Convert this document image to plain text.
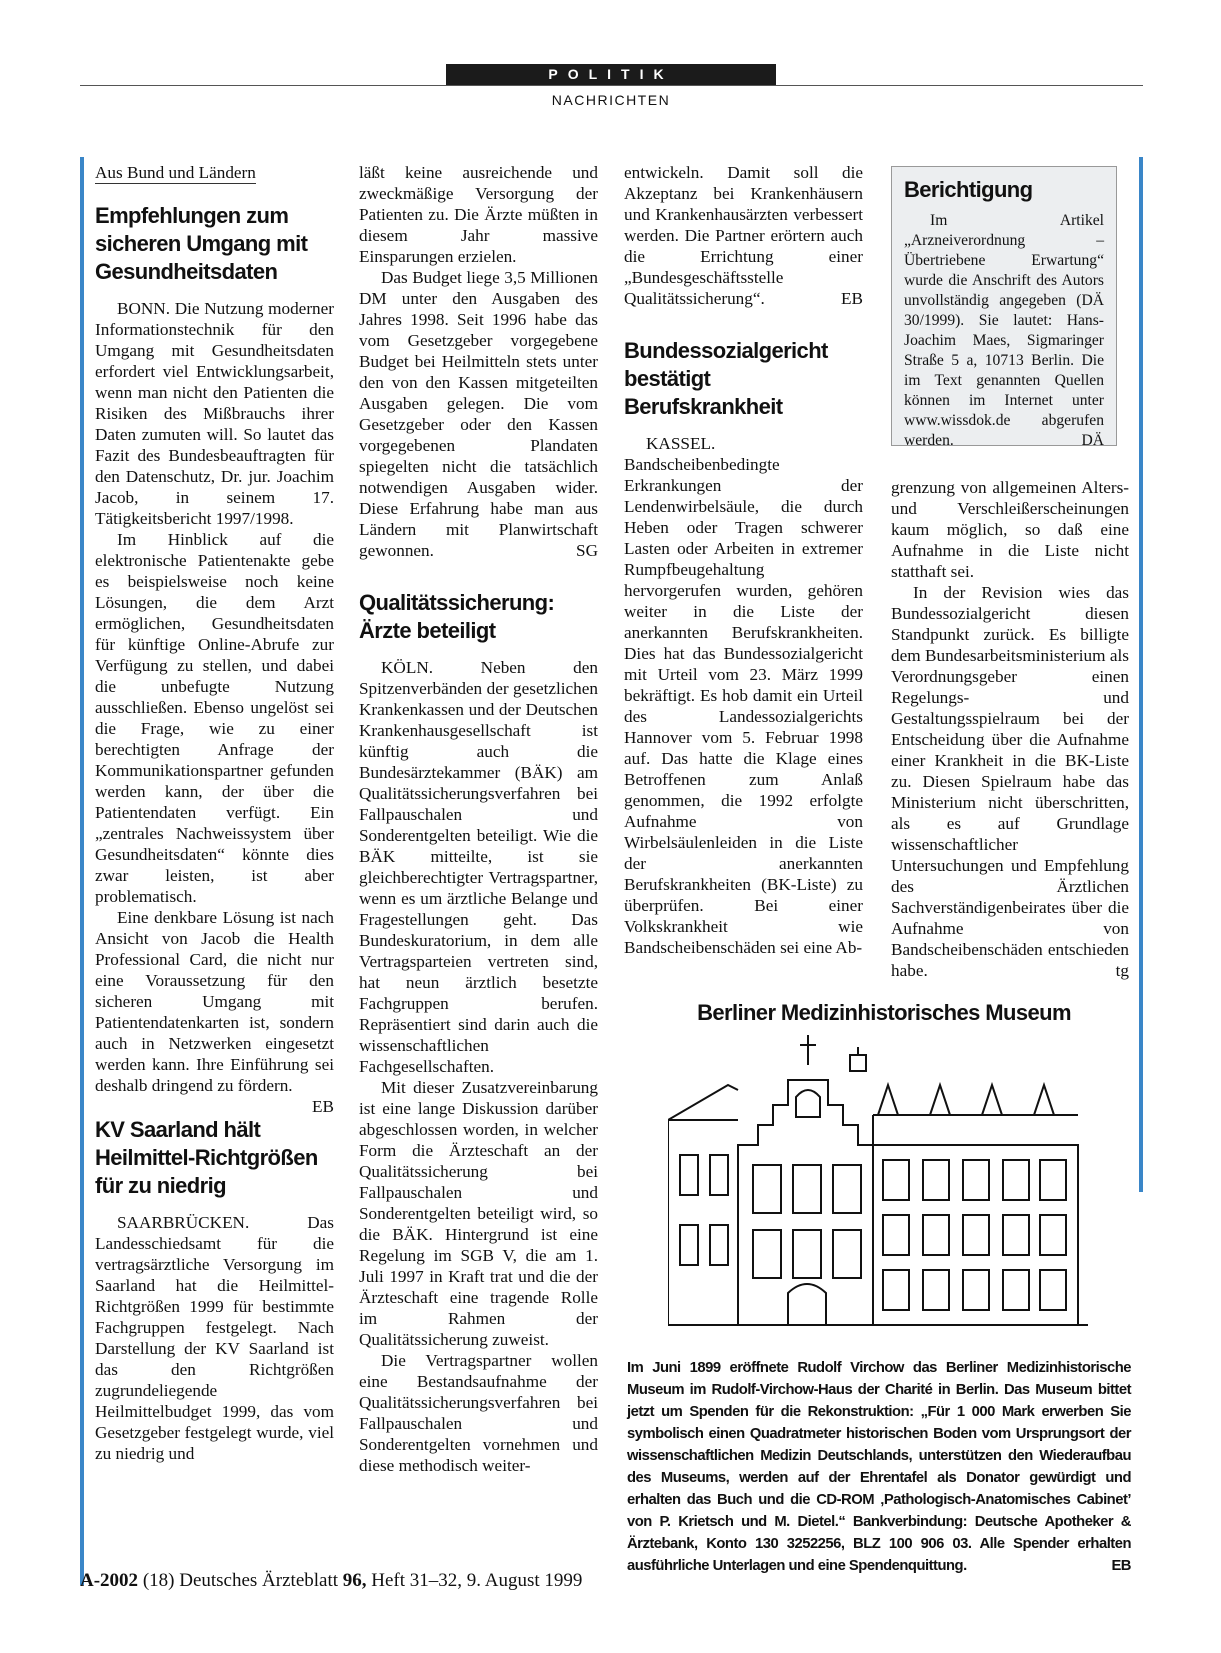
POLITIK
NACHRICHTEN
Aus Bund und Ländern
Empfehlungen zum sicheren Umgang mit Gesundheitsdaten

BONN. Die Nutzung moderner Informationstechnik für den Umgang mit Gesundheitsdaten erfordert viel Entwicklungsarbeit, wenn man nicht den Patienten die Risiken des Mißbrauchs ihrer Daten zumuten will. So lautet das Fazit des Bundesbeauftragten für den Datenschutz, Dr. jur. Joachim Jacob, in seinem 17. Tätigkeitsbericht 1997/1998.

Im Hinblick auf die elektronische Patientenakte gebe es beispielsweise noch keine Lösungen, die dem Arzt ermöglichen, Gesundheitsdaten für künftige Online-Abrufe zur Verfügung zu stellen, und dabei die unbefugte Nutzung ausschließen. Ebenso ungelöst sei die Frage, wie zu einer berechtigten Anfrage der Kommunikationspartner gefunden werden kann, der über die Patientendaten verfügt. Ein „zentrales Nachweissystem über Gesundheitsdaten“ könnte dies zwar leisten, ist aber problematisch.

Eine denkbare Lösung ist nach Ansicht von Jacob die Health Professional Card, die nicht nur eine Voraussetzung für den sicheren Umgang mit Patientendatenkarten ist, sondern auch in Netzwerken eingesetzt werden kann. Ihre Einführung sei deshalb dringend zu fördern.
EB

KV Saarland hält Heilmittel-Richtgrößen für zu niedrig

SAARBRÜCKEN. Das Landesschiedsamt für die vertragsärztliche Versorgung im Saarland hat die Heilmittel-Richtgrößen 1999 für bestimmte Fachgruppen festgelegt. Nach Darstellung der KV Saarland ist das den Richtgrößen zugrundeliegende Heilmittelbudget 1999, das vom Gesetzgeber festgelegt wurde, viel zu niedrig und

läßt keine ausreichende und zweckmäßige Versorgung der Patienten zu. Die Ärzte müßten in diesem Jahr massive Einsparungen erzielen.

Das Budget liege 3,5 Millionen DM unter den Ausgaben des Jahres 1998. Seit 1996 habe das vom Gesetzgeber vorgegebene Budget bei Heilmitteln stets unter den von den Kassen mitgeteilten Ausgaben gelegen. Die vom Gesetzgeber oder den Kassen vorgegebenen Plandaten spiegelten nicht die tatsächlich notwendigen Ausgaben wider. Diese Erfahrung habe man aus Ländern mit Planwirtschaft gewonnen.	SG

Qualitätssicherung: Ärzte beteiligt

KÖLN. Neben den Spitzenverbänden der gesetzlichen Krankenkassen und der Deutschen Krankenhausgesellschaft ist künftig auch die Bundesärztekammer (BÄK) am Qualitätssicherungsverfahren bei Fallpauschalen und Sonderentgelten beteiligt. Wie die BÄK mitteilte, ist sie gleichberechtigter Vertragspartner, wenn es um ärztliche Belange und Fragestellungen geht. Das Bundeskuratorium, in dem alle Vertragsparteien vertreten sind, hat neun ärztlich besetzte Fachgruppen berufen. Repräsentiert sind darin auch die wissenschaftlichen Fachgesellschaften.

Mit dieser Zusatzvereinbarung ist eine lange Diskussion darüber abgeschlossen worden, in welcher Form die Ärzteschaft an der Qualitätssicherung bei Fallpauschalen und Sonderentgelten beteiligt wird, so die BÄK. Hintergrund ist eine Regelung im SGB V, die am 1. Juli 1997 in Kraft trat und die der Ärzteschaft eine tragende Rolle im Rahmen der Qualitätssicherung zuweist.

Die Vertragspartner wollen eine Bestandsaufnahme der Qualitätssicherungsverfahren bei Fallpauschalen und Sonderentgelten vornehmen und diese methodisch weiter-

entwickeln. Damit soll die Akzeptanz bei Krankenhäusern und Krankenhausärzten verbessert werden. Die Partner erörtern auch die Errichtung einer „Bundesgeschäftsstelle Qualitätssicherung“.	EB

Bundessozialgericht bestätigt Berufskrankheit

KASSEL. Bandscheibenbedingte Erkrankungen der Lendenwirbelsäule, die durch Heben oder Tragen schwerer Lasten oder Arbeiten in extremer Rumpfbeugehaltung hervorgerufen wurden, gehören weiter in die Liste der anerkannten Berufskrankheiten. Dies hat das Bundessozialgericht mit Urteil vom 23. März 1999 bekräftigt. Es hob damit ein Urteil des Landessozialgerichts Hannover vom 5. Februar 1998 auf. Das hatte die Klage eines Betroffenen zum Anlaß genommen, die 1992 erfolgte Aufnahme von Wirbelsäulenleiden in die Liste der anerkannten Berufskrankheiten (BK-Liste) zu überprüfen. Bei einer Volkskrankheit wie Bandscheibenschäden sei eine Ab-

Berichtigung

Im Artikel „Arzneiverordnung – Übertriebene Erwartung“ wurde die Anschrift des Autors unvollständig angegeben (DÄ 30/1999). Sie lautet: Hans-Joachim Maes, Sigmaringer Straße 5 a, 10713 Berlin. Die im Text genannten Quellen können im Internet unter www.wissdok.de abgerufen werden.	DÄ

grenzung von allgemeinen Alters- und Verschleißerscheinungen kaum möglich, so daß eine Aufnahme in die Liste nicht statthaft sei.

In der Revision wies das Bundessozialgericht diesen Standpunkt zurück. Es billigte dem Bundesarbeitsministerium als Verordnungsgeber einen Regelungs- und Gestaltungsspielraum bei der Entscheidung über die Aufnahme einer Krankheit in die BK-Liste zu. Diesen Spielraum habe das Ministerium nicht überschritten, als es auf Grundlage wissenschaftlicher Untersuchungen und Empfehlung des Ärztlichen Sachverständigenbeirates über die Aufnahme von Bandscheibenschäden entschieden habe.	tg

Berliner Medizinhistorisches Museum
Im Juni 1899 eröffnete Rudolf Virchow das Berliner Medizinhistorische Museum im Rudolf-Virchow-Haus der Charité in Berlin. Das Museum bittet jetzt um Spenden für die Rekonstruktion: „Für 1 000 Mark erwerben Sie symbolisch einen Quadratmeter historischen Boden vom Ursprungsort der wissenschaftlichen Medizin Deutschlands, unterstützen den Wiederaufbau des Museums, werden auf der Ehrentafel als Donator gewürdigt und erhalten das Buch und die CD-ROM ‚Pathologisch-Anatomisches Cabinet’ von P. Krietsch und M. Dietel.“ Bankverbindung: Deutsche Apotheker & Ärztebank, Konto 130 3252256, BLZ 100 906 03. Alle Spender erhalten ausführliche Unterlagen und eine Spendenquittung.	EB
A-2002 (18) Deutsches Ärzteblatt 96, Heft 31–32, 9. August 1999
